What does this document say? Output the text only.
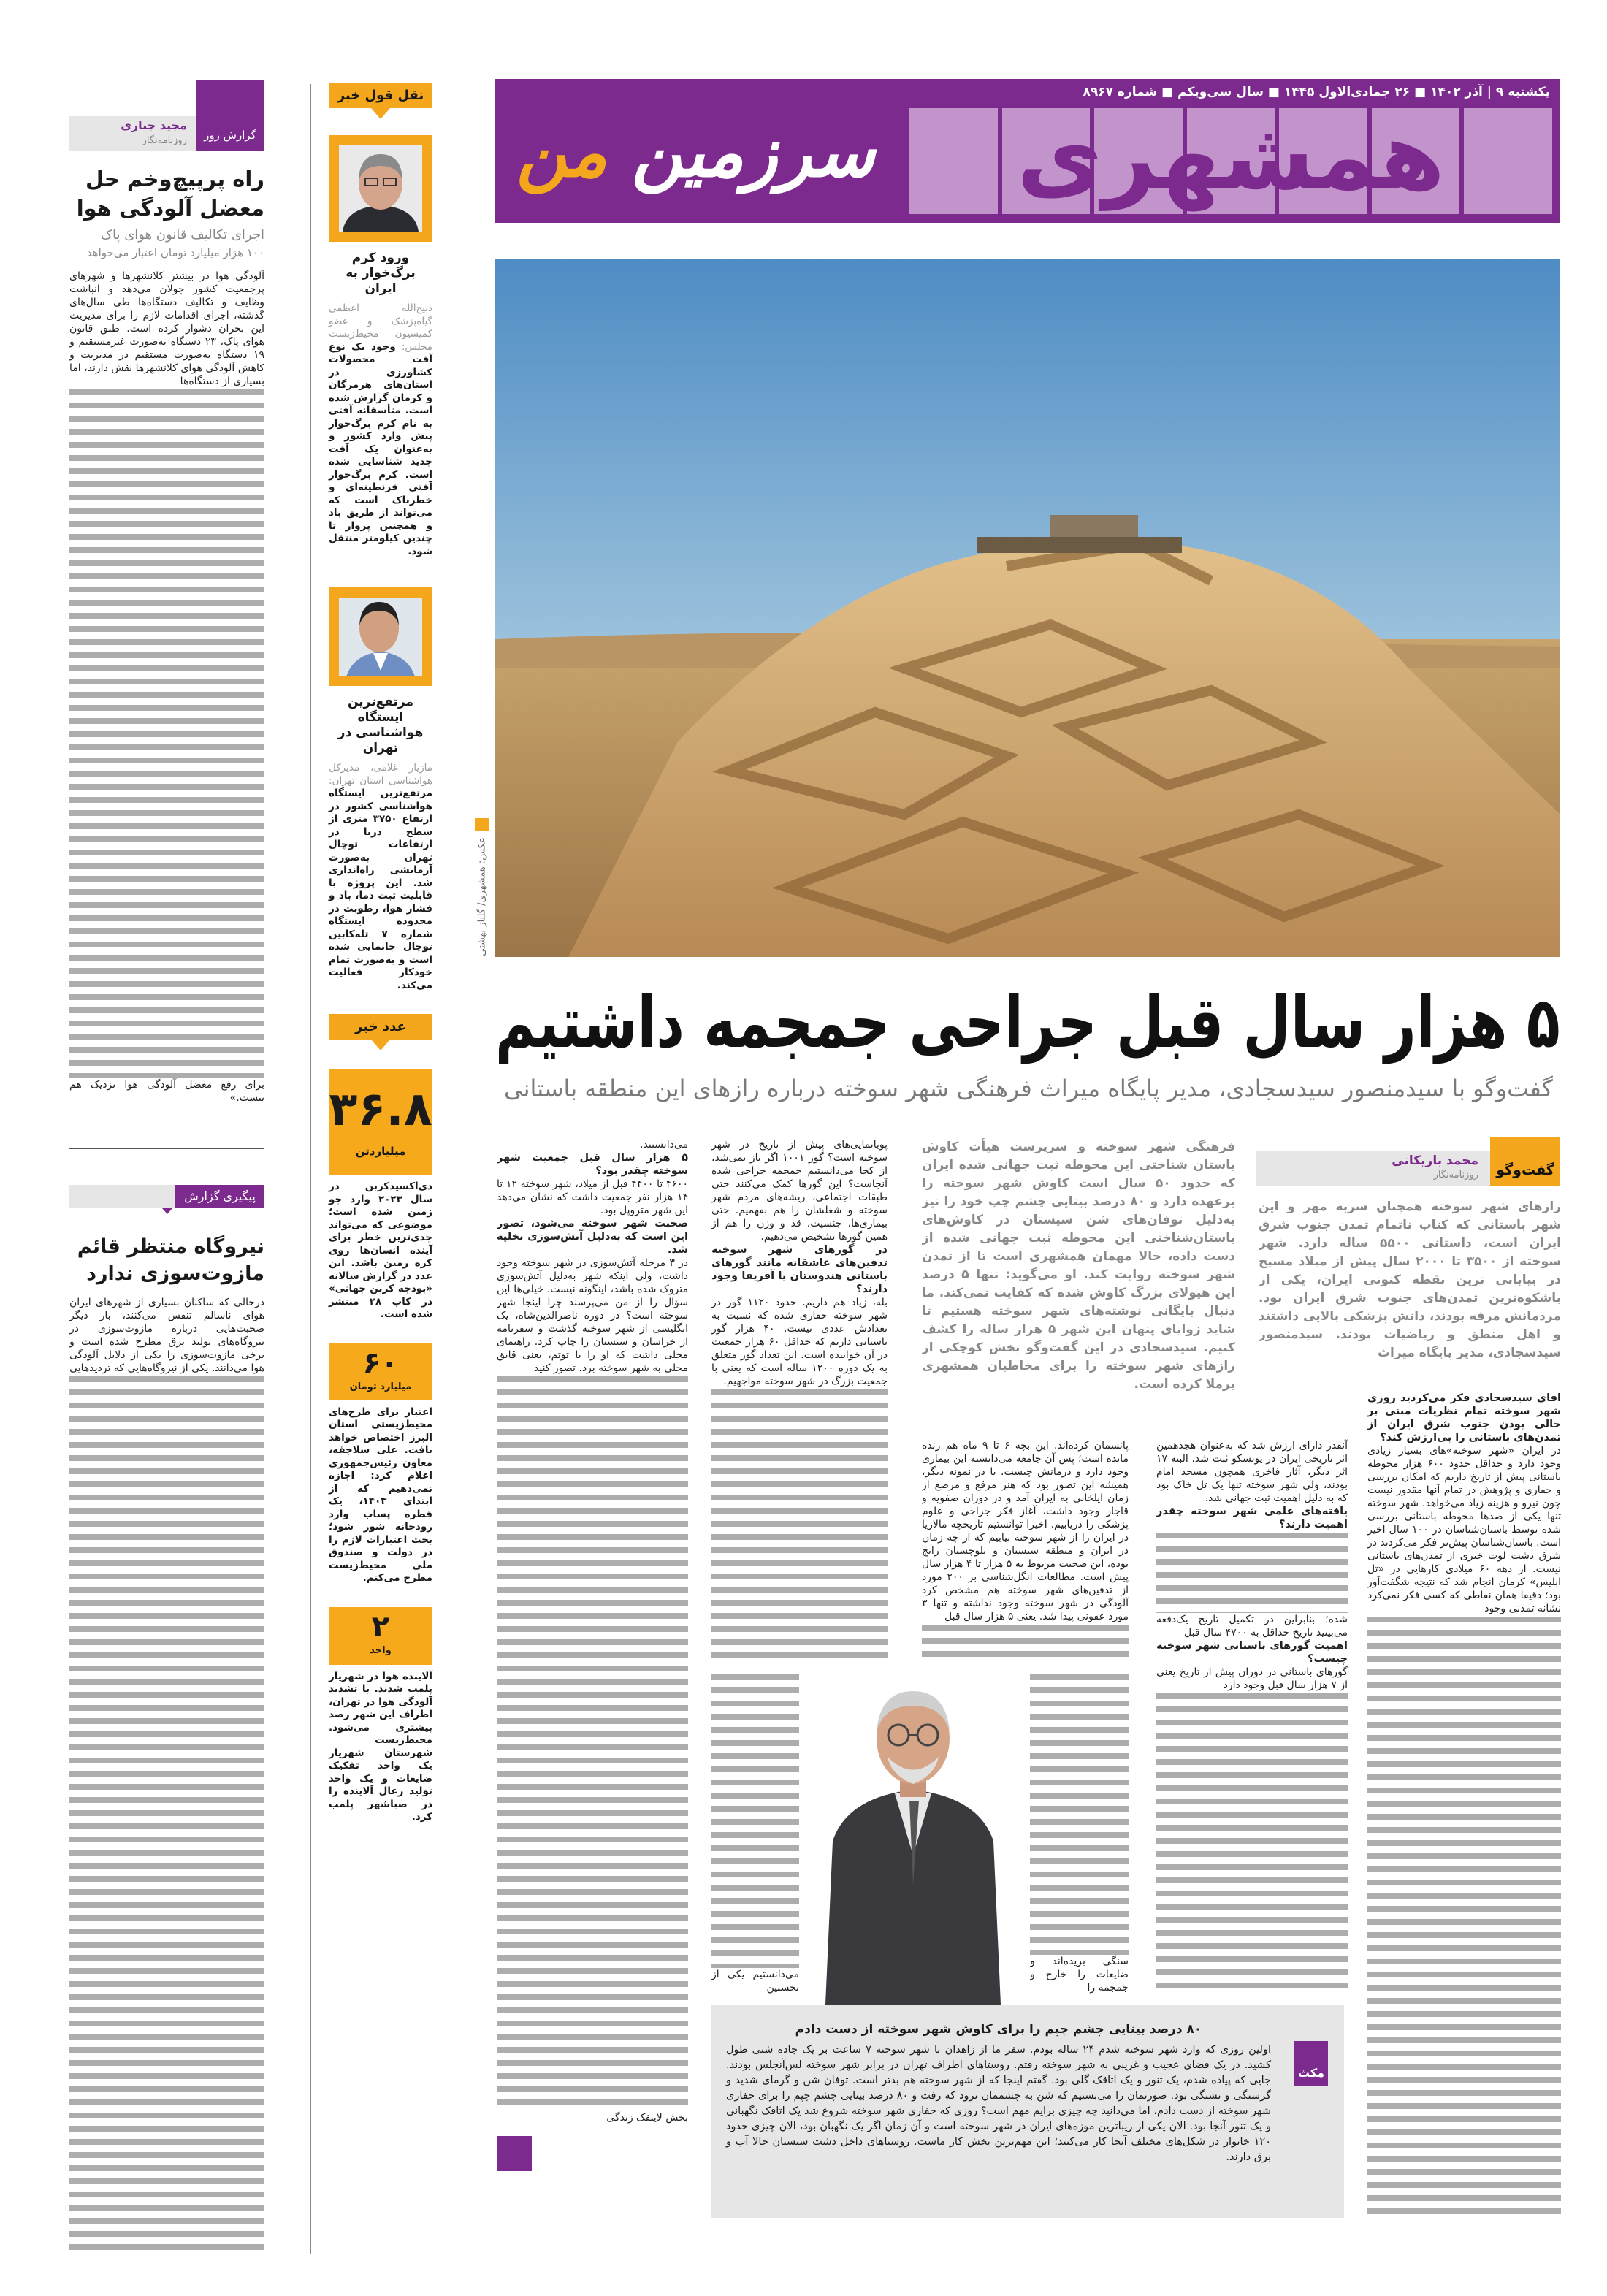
همشهری
سرزمین من
یکشنبه ۹ | آذر ۱۴۰۲ ■ ۲۶ جمادی‌الاول ۱۴۴۵ ■ سال سی‌ویکم ■ شماره ۸۹۶۷
عکس: همشهری/ گلناز بهشتی
۵ هزار سال قبل جراحی جمجمه داشتیم
گفت‌وگو با سیدمنصور سیدسجادی، مدیر پایگاه میراث فرهنگی شهر سوخته درباره رازهای این منطقه باستانی
محمد باریکانی
روزنامه‌نگار	گفت‌وگو

رازهای شهر سوخته همچنان سربه مهر و این شهر باستانی که کتاب ناتمام تمدن جنوب شرق ایران است، داستانی ۵۵۰۰ ساله دارد. شهر سوخته از ۳۵۰۰ تا ۲۰۰۰ سال پیش از میلاد مسیح در بیابانی ترین نقطه کنونی ایران، یکی از باشکوه‌ترین تمدن‌های جنوب شرق ایران بود. مردمانش مرفه بودند، دانش پزشکی بالایی داشتند و اهل منطق و ریاضیات بودند. سیدمنصور سیدسجادی، مدیر پایگاه میراث

فرهنگی شهر سوخته و سرپرست هیأت کاوش باستان شناختی این محوطه ثبت جهانی شده ایران که حدود ۵۰ سال است کاوش شهر سوخته را برعهده دارد و ۸۰ درصد بینایی چشم چپ خود را نیز به‌دلیل توفان‌های شن سیستان در کاوش‌های باستان‌شناختی این محوطه ثبت جهانی شده از دست داده، حالا مهمان همشهری است تا از تمدن شهر سوخته روایت کند. او می‌گوید: تنها ۵ درصد این هیولای بزرگ کاوش شده که کفایت نمی‌کند. ما دنبال بایگانی نوشته‌های شهر سوخته هستیم تا شاید زوایای پنهان این شهر ۵ هزار ساله را کشف کنیم. سیدسجادی در این گفت‌وگو بخش کوچکی از رازهای شهر سوخته را برای مخاطبان همشهری برملا کرده است.

آقای سیدسجادی فکر می‌کردید روزی شهر سوخته تمام نظریات مبنی بر خالی بودن جنوب شرق ایران از تمدن‌های باستانی را بی‌ارزش کند؟

در ایران «شهر سوخته»‌های بسیار زیادی وجود دارد و حداقل حدود ۶۰۰ هزار محوطه باستانی پیش از تاریخ داریم که امکان بررسی و حفاری و پژوهش در تمام آنها مقدور نیست چون نیرو و هزینه زیاد می‌خواهد. شهر سوخته تنها یکی از صدها محوطه باستانی بررسی شده توسط باستان‌شناسان در ۱۰۰ سال اخیر است. باستان‌شناسان پیش‌تر فکر می‌کردند در شرق دشت لوت خبری از تمدن‌های باستانی نیست. از دهه ۶۰ میلادی کارهایی در «تل ابلیس» کرمان انجام شد که نتیجه شگفت‌آور بود؛ دقیقا همان نقاطی که کسی فکر نمی‌کرد نشانه تمدنی وجود

آنقدر دارای ارزش شد که به‌عنوان هجدهمین اثر تاریخی ایران در یونسکو ثبت شد. البته ۱۷ اثر دیگر، آثار فاخری همچون مسجد امام بودند، ولی شهر سوخته تنها یک تل خاک بود که به دلیل اهمیت ثبت جهانی شد.

یافته‌های علمی شهر سوخته چقدر اهمیت دارند؟

شده؛ بنابراین در تکمیل تاریخ یک‌دفعه می‌بینید تاریخ حداقل به ۴۷۰۰ سال قبل

اهمیت گورهای باستانی شهر سوخته چیست؟

گورهای باستانی در دوران پیش از تاریخ یعنی از ۷ هزار سال قبل وجود دارد

پانسمان کرده‌اند. این بچه ۶ تا ۹ ماه هم زنده مانده است؛ پس آن جامعه می‌دانسته این بیماری وجود دارد و درمانش چیست. یا در نمونه دیگر، همیشه این تصور بود که هنر مرقع و مرصع از زمان ایلخانی به ایران آمد و در دوران صفویه و قاجار وجود داشت، آغاز فکر جراحی و علوم پزشکی را دریابیم. اخیرا توانستیم تاریخچه مالاریا در ایران را از شهر سوخته بیابیم که از چه زمان در ایران و منطقه سیستان و بلوچستان رایج بوده، این صحبت مربوط به ۵ هزار تا ۴ هزار سال پیش است. مطالعات انگل‌شناسی بر ۲۰۰ مورد از تدفین‌های شهر سوخته هم مشخص کرد آلودگی در شهر سوخته وجود نداشته و تنها ۳ مورد عفونی پیدا شد. یعنی ۵ هزار سال قبل

سنگی بریده‌اند و ضایعات را خارج و جمجمه را

پویانمایی‌های پیش از تاریخ در شهر سوخته است؟ گور ۱۰۰۱ اگر باز نمی‌شد، از کجا می‌دانستیم جمجمه جراحی شده آنجاست؟ این گورها کمک می‌کنند حتی طبقات اجتماعی، ریشه‌های مردم شهر سوخته و شغلشان را هم بفهمیم. حتی بیماری‌ها، جنسیت، قد و وزن را هم از همین گورها تشخیص می‌دهیم.

در گورهای شهر سوخته تدفین‌های عاشقانه مانند گورهای باستانی هندوستان یا آفریقا وجود دارند؟

بله، زیاد هم داریم. حدود ۱۱۲۰ گور در شهر سوخته حفاری شده که نسبت به تعدادش عددی نیست. ۴۰ هزار گور باستانی داریم که حداقل ۶۰ هزار جمعیت در آن خوابیده است. این تعداد گور متعلق به یک دوره ۱۲۰۰ ساله است که یعنی با جمعیت بزرگ در شهر سوخته مواجهیم.

می‌دانستیم یکی از نخستین

می‌دانستند.

۵ هزار سال قبل جمعیت شهر سوخته چقدر بود؟

۴۶۰۰ تا ۴۴۰۰ قبل از میلاد، شهر سوخته ۱۲ تا ۱۴ هزار نفر جمعیت داشت که نشان می‌دهد این شهر متروپل بود.

صحبت شهر سوخته می‌شود، تصور این است که به‌دلیل آتش‌سوزی تخلیه شد.

در ۳ مرحله آتش‌سوزی در شهر سوخته وجود داشت، ولی اینکه شهر به‌دلیل آتش‌سوزی متروک شده باشد، اینگونه نیست. خیلی‌ها این سؤال را از من می‌پرسند چرا اینجا شهر سوخته است؟ در دوره ناصرالدین‌شاه، یک انگلیسی از شهر سوخته گذشت و سفرنامه از خراسان و سیستان را چاپ کرد. راهنمای محلی داشت که او را با توتم، یعنی قایق محلی به شهر سوخته برد. تصور کنید

بخش لاینفک زندگی

مکث
۸۰ درصد بینایی چشم چپم را برای کاوش شهر سوخته از دست دادم
اولین روزی که وارد شهر سوخته شدم ۲۴ ساله بودم. سفر ما از زاهدان تا شهر سوخته ۷ ساعت بر یک جاده شنی طول کشید. در یک فضای عجیب و غریبی به شهر سوخته رفتم. روستاهای اطراف تهران در برابر شهر سوخته لس‌آنجلس بودند. جایی که پیاده شدم، یک تنور و یک اتاقک گلی بود. گفتم اینجا که از شهر سوخته هم بدتر است. توفان شن و گرمای شدید و گرسنگی و تشنگی بود. صورتمان را می‌بستیم که شن به چشممان نرود که رفت و ۸۰ درصد بینایی چشم چپم را برای حفاری شهر سوخته از دست دادم، اما می‌دانید چه چیزی برایم مهم است؟ روزی که حفاری شهر سوخته شروع شد یک اتاقک نگهبانی و یک تنور آنجا بود. الان یکی از زیباترین موزه‌های ایران در شهر سوخته است و آن زمان اگر یک نگهبان بود، الان چیزی حدود ۱۲۰ خانوار در شکل‌های مختلف آنجا کار می‌کنند؛ این مهم‌ترین بخش کار ماست. روستاهای داخل دشت سیستان حالا آب و برق دارند.
مجید جباری
روزنامه‌نگار	گزارش روز

راه پرپیچ‌وخم حل معضل آلودگی هوا

اجرای تکالیف قانون هوای پاک

۱۰۰ هزار میلیارد تومان اعتبار می‌خواهد

آلودگی هوا در بیشتر کلانشهرها و شهرهای پرجمعیت کشور جولان می‌دهد و انباشت وظایف و تکالیف دستگاه‌ها طی سال‌های گذشته، اجرای اقدامات لازم را برای مدیریت این بحران دشوار کرده است. طبق قانون هوای پاک، ۲۳ دستگاه به‌صورت غیرمستقیم و ۱۹ دستگاه به‌صورت مستقیم در مدیریت و کاهش آلودگی هوای کلانشهرها نقش دارند، اما بسیاری از دستگاه‌ها

برای رفع معضل آلودگی هوا نزدیک هم نیست.»

پیگیری گزارش

نیروگاه منتظر قائم مازوت‌سوزی ندارد

درحالی که ساکنان بسیاری از شهرهای ایران هوای ناسالم تنفس می‌کنند، بار دیگر صحبت‌هایی درباره مازوت‌سوزی در نیروگاه‌های تولید برق مطرح شده است و برخی مازوت‌سوزی را یکی از دلایل آلودگی هوا می‌دانند. یکی از نیروگاه‌هایی که تردیدهایی

نقل قول خبر
ورود کرم برگ‌خوار به ایران
ذبیح‌الله اعظمی گیاه‌پزشک و عضو کمیسیون محیط‌زیست مجلس: وجود یک نوع آفت محصولات کشاورزی در استان‌های هرمزگان و کرمان گزارش شده است. متأسفانه آفتی به نام کرم برگ‌خوار پیش وارد کشور و به‌عنوان یک آفت جدید شناسایی شده است. کرم برگ‌خوار آفتی قرنطینه‌ای و خطرناک است که می‌تواند از طریق باد و همچنین پرواز تا چندین کیلومتر منتقل شود.
مرتفع‌ترین ایستگاه هواشناسی در تهران
مازیار غلامی، مدیرکل هواشناسی استان تهران: مرتفع‌ترین ایستگاه هواشناسی کشور در ارتفاع ۳۷۵۰ متری از سطح دریا در ارتفاعات توچال تهران به‌صورت آزمایشی راه‌اندازی شد. این پروژه با قابلیت ثبت دما، باد و فشار هوا، رطوبت در محدوده ایستگاه شماره ۷ تله‌کابین توچال جانمایی شده است و به‌صورت تمام خودکار فعالیت می‌کند.
عدد خبر
۳۶.۸
میلیاردتن
دی‌اکسیدکربن در سال ۲۰۲۳ وارد جو زمین شده است؛ موضوعی که می‌تواند جدی‌ترین خطر برای آینده انسان‌ها روی کره زمین باشد. این عدد در گزارش سالانه «بودجه کربن جهانی» در کاپ ۲۸ منتشر شده است.
۶۰
میلیارد تومان
اعتبار برای طرح‌های محیط‌زیستی استان البرز اختصاص خواهد یافت. علی سلاجقه، معاون رئیس‌جمهوری اعلام کرد: اجازه نمی‌دهیم که از ابتدای ۱۴۰۳، یک قطره پساب وارد رودخانه شور شود؛ بحث اعتبارات لازم را در دولت و صندوق ملی محیط‌زیست مطرح می‌کنم.
۲
واحد
آلاینده هوا در شهریار پلمب شدند. با تشدید آلودگی هوا در تهران، اطراف این شهر رصد بیشتری می‌شود. محیط‌زیست شهرستان شهریار یک واحد تفکیک ضایعات و یک واحد تولید زغال آلاینده را در صباشهر پلمب کرد.
